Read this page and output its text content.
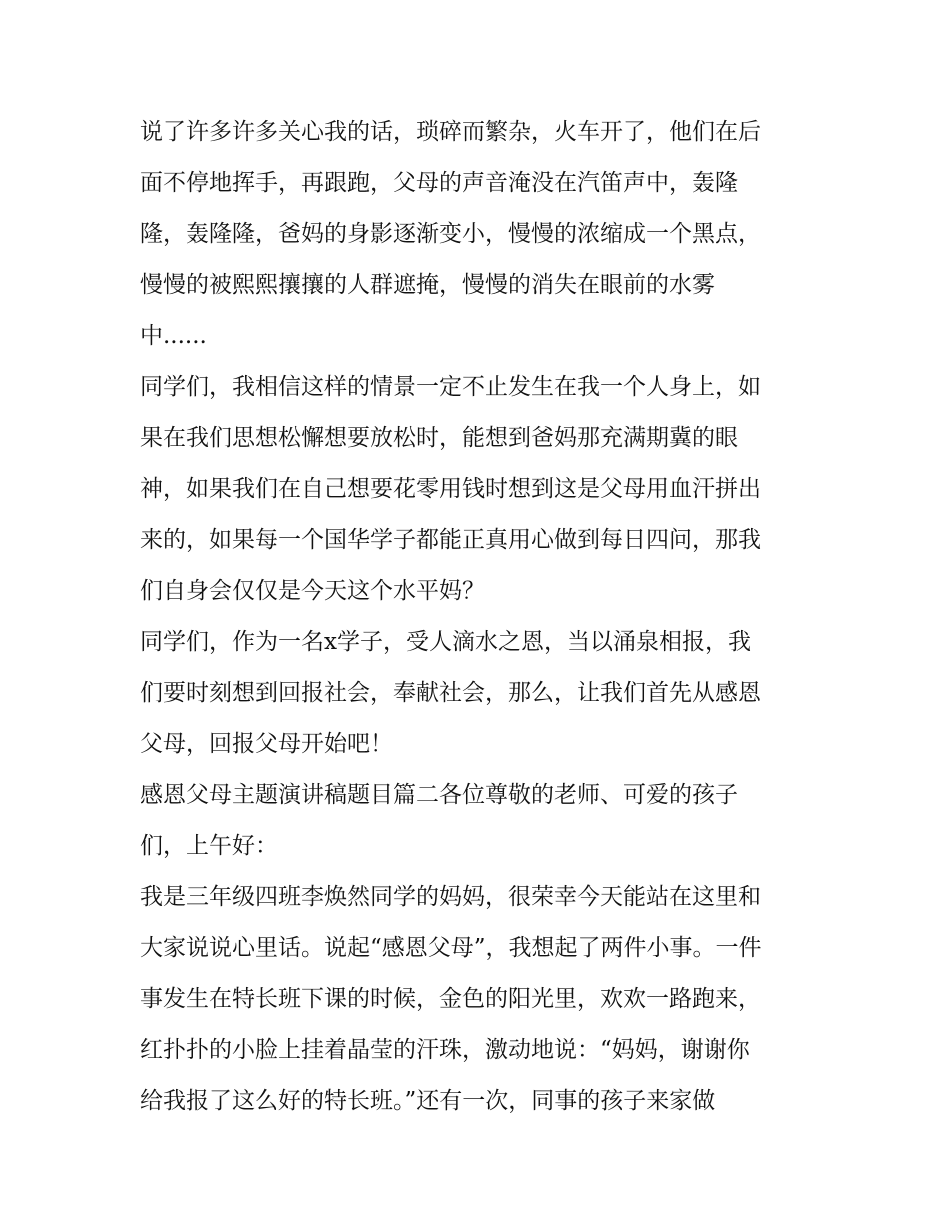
说了许多许多关心我的话，琐碎而繁杂，火车开了，他们在后
面不停地挥手，再跟跑，父母的声音淹没在汽笛声中，轰隆
隆，轰隆隆，爸妈的身影逐渐变小，慢慢的浓缩成一个黑点，
慢慢的被熙熙攘攘的人群遮掩，慢慢的消失在眼前的水雾
中......
同学们，我相信这样的情景一定不止发生在我一个人身上，如
果在我们思想松懈想要放松时，能想到爸妈那充满期冀的眼
神，如果我们在自己想要花零用钱时想到这是父母用血汗拼出
来的，如果每一个国华学子都能正真用心做到每日四问，那我
们自身会仅仅是今天这个水平妈？
同学们，作为一名x学子，受人滴水之恩，当以涌泉相报，我
们要时刻想到回报社会，奉献社会，那么，让我们首先从感恩
父母，回报父母开始吧！
感恩父母主题演讲稿题目篇二各位尊敬的老师、可爱的孩子
们，上午好：
我是三年级四班李焕然同学的妈妈，很荣幸今天能站在这里和
大家说说心里话。说起“感恩父母”，我想起了两件小事。一件
事发生在特长班下课的时候，金色的阳光里，欢欢一路跑来，
红扑扑的小脸上挂着晶莹的汗珠，激动地说：“妈妈，谢谢你
给我报了这么好的特长班。”还有一次，同事的孩子来家做
